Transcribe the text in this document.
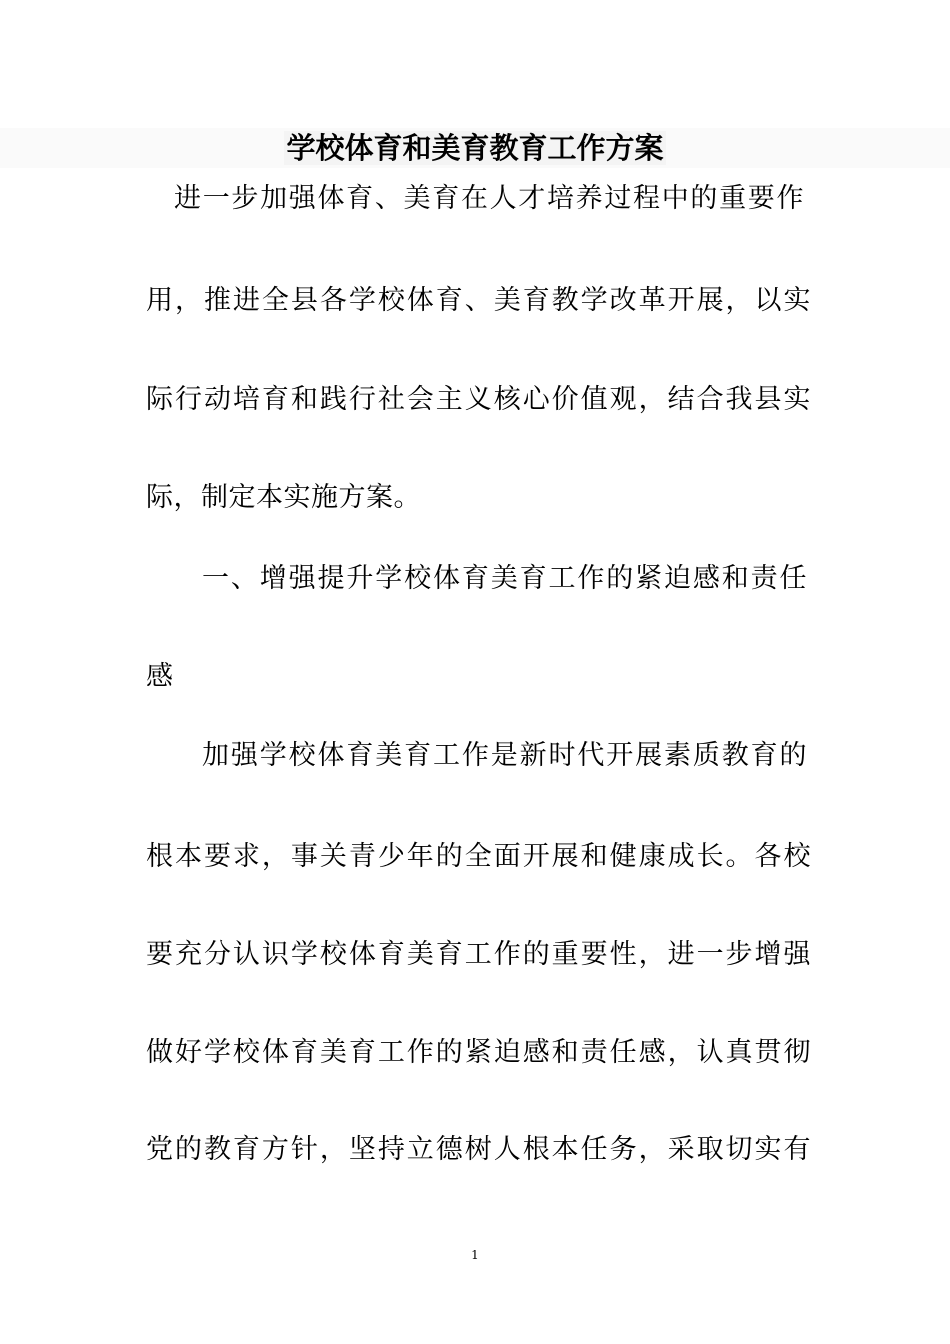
学校体育和美育教育工作方案
进一步加强体育、美育在人才培养过程中的重要作
用，推进全县各学校体育、美育教学改革开展，以实
际行动培育和践行社会主义核心价值观，结合我县实
际，制定本实施方案。
一、增强提升学校体育美育工作的紧迫感和责任
感
加强学校体育美育工作是新时代开展素质教育的
根本要求，事关青少年的全面开展和健康成长。各校
要充分认识学校体育美育工作的重要性，进一步增强
做好学校体育美育工作的紧迫感和责任感，认真贯彻
党的教育方针，坚持立德树人根本任务，采取切实有
1
